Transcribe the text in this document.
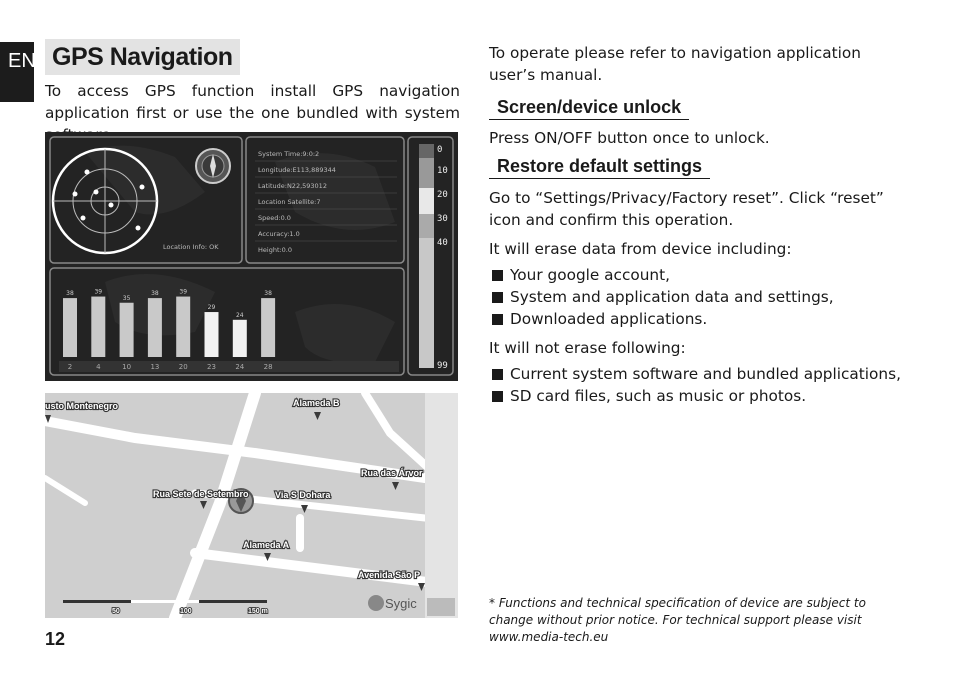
EN GPS Navigation
To access GPS function install GPS navigation application first or use the one bundled with system
Location Info: OK
System Time:9:0:2
Longitude:E113,889344
Latitude:N22,593012
Location Satellite:7
Speed:0.0
Accuracy:1.0
Height:0.0
0
10
20
30
40
99
38
2
39
4
35
10
38
13
39
20
29
23
24
24
38
28
usto Montenegro	Alameda B
Rua das Árvor
Rua Sete de Setembro	Via S Dohara
Alameda A
Avenida São P
50	100	150 m
Sygic

To operate please refer to navigation application user’s manual.

Screen/device unlock

Press ON/OFF button once to unlock.

Restore default settings

Go to “Settings/Privacy/Factory reset”. Click “reset” icon and confirm this operation.

It will erase data from device including:

Your google account,
System and application data and settings,
Downloaded applications.

It will not erase following:

Current system software and bundled applications,
SD card files, such as music or photos.
* Functions and technical specification of device are subject to change without prior notice. For technical support please visit www.media-tech.eu
12
